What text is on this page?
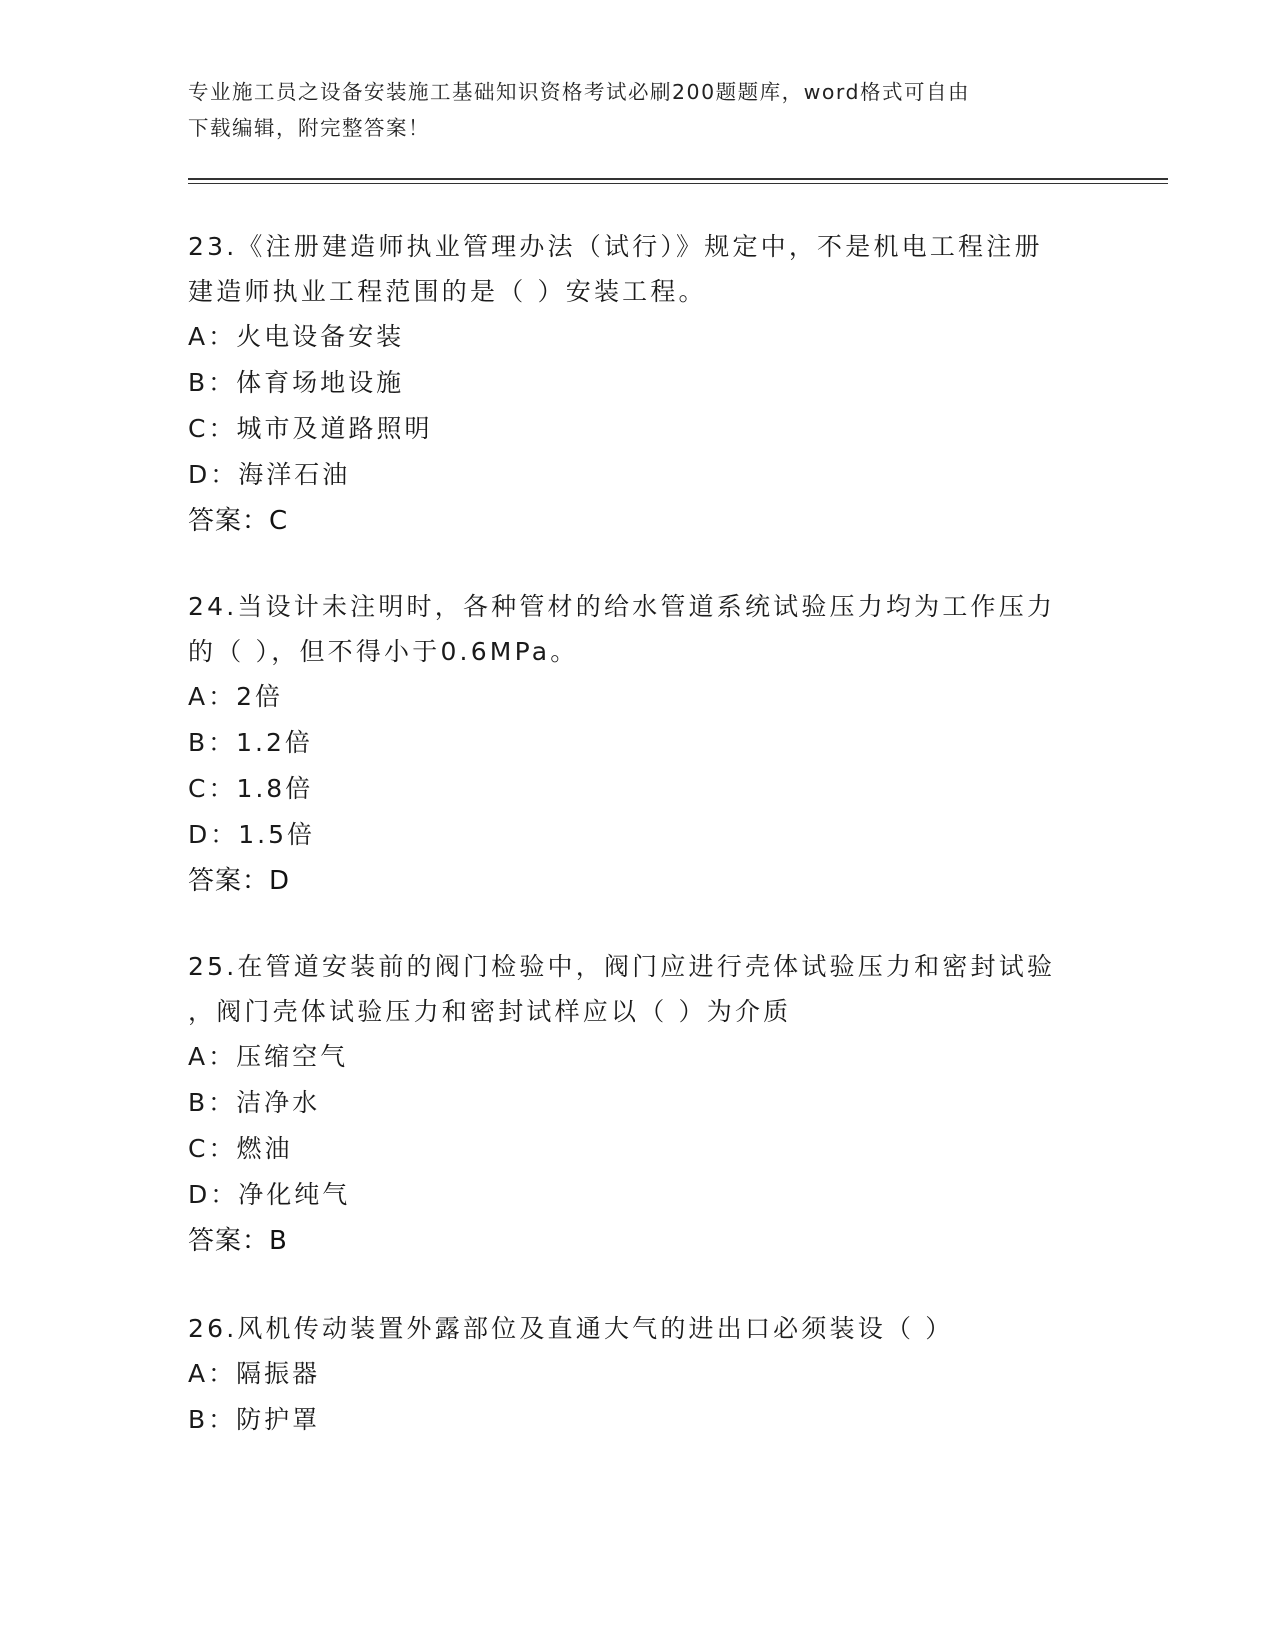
专业施工员之设备安装施工基础知识资格考试必刷200题题库，word格式可自由
下载编辑，附完整答案！

23.《注册建造师执业管理办法（试行）》规定中，不是机电工程注册

建造师执业工程范围的是（ ）安装工程。

A：火电设备安装

B：体育场地设施

C：城市及道路照明

D：海洋石油

答案：C

24.当设计未注明时，各种管材的给水管道系统试验压力均为工作压力

的（ ），但不得小于0.6MPa。

A：2倍

B：1.2倍

C：1.8倍

D：1.5倍

答案：D

25.在管道安装前的阀门检验中，阀门应进行壳体试验压力和密封试验

，阀门壳体试验压力和密封试样应以（ ）为介质

A：压缩空气

B：洁净水

C：燃油

D：净化纯气

答案：B

26.风机传动装置外露部位及直通大气的进出口必须装设（ ）

A：隔振器

B：防护罩
